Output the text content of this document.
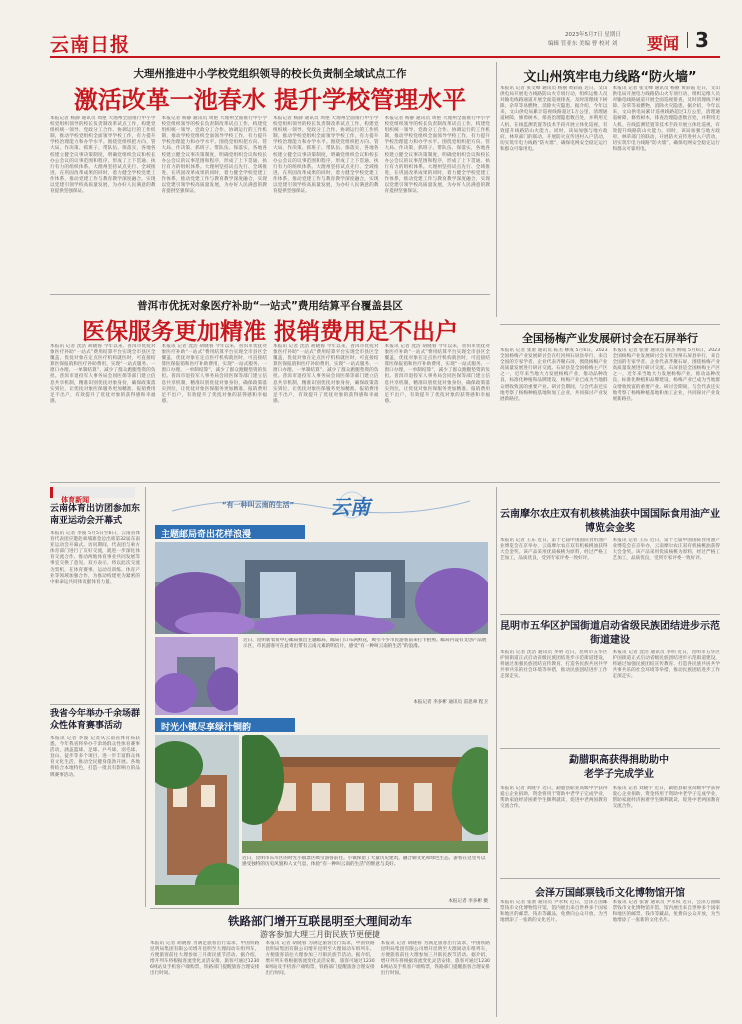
云南日报	2023年5月7日 星期日
编辑 管亚东 美编 曹 校对 刘 要闻 3
大理州推进中小学校党组织领导的校长负责制全域试点工作
激活改革一池春水 提升学校管理水平
本报记者 杨静 通讯员 周艳 大理州全面推行中小学校党组织领导的校长负责制改革试点工作，构建党组织统一领导、党政分工合作、协调运行的工作机制，推动学校党组织全面领导学校工作，有力提升学校治理能力和办学水平。围绕党组织把方向、管大局、作决策、抓班子、带队伍、保落实，各地各校建立健全议事决策制度，明确党组织会议和校长办公会议的议事范围和程序，形成了上下贯通、执行有力的组织体系。大理州坚持试点先行、全域推进，在巩固改革成果的同时，着力健全学校党建工作体系，推动党建工作与教育教学深度融合，实现以党建引领学校高质量发展，为办好人民满意的教育提供坚强保证。
本报记者 杨静 通讯员 周艳 大理州全面推行中小学校党组织领导的校长负责制改革试点工作，构建党组织统一领导、党政分工合作、协调运行的工作机制，推动学校党组织全面领导学校工作，有力提升学校治理能力和办学水平。围绕党组织把方向、管大局、作决策、抓班子、带队伍、保落实，各地各校建立健全议事决策制度，明确党组织会议和校长办公会议的议事范围和程序，形成了上下贯通、执行有力的组织体系。大理州坚持试点先行、全域推进，在巩固改革成果的同时，着力健全学校党建工作体系，推动党建工作与教育教学深度融合，实现以党建引领学校高质量发展，为办好人民满意的教育提供坚强保证。
本报记者 杨静 通讯员 周艳 大理州全面推行中小学校党组织领导的校长负责制改革试点工作，构建党组织统一领导、党政分工合作、协调运行的工作机制，推动学校党组织全面领导学校工作，有力提升学校治理能力和办学水平。围绕党组织把方向、管大局、作决策、抓班子、带队伍、保落实，各地各校建立健全议事决策制度，明确党组织会议和校长办公会议的议事范围和程序，形成了上下贯通、执行有力的组织体系。大理州坚持试点先行、全域推进，在巩固改革成果的同时，着力健全学校党建工作体系，推动党建工作与教育教学深度融合，实现以党建引领学校高质量发展，为办好人民满意的教育提供坚强保证。
本报记者 杨静 通讯员 周艳 大理州全面推行中小学校党组织领导的校长负责制改革试点工作，构建党组织统一领导、党政分工合作、协调运行的工作机制，推动学校党组织全面领导学校工作，有力提升学校治理能力和办学水平。围绕党组织把方向、管大局、作决策、抓班子、带队伍、保落实，各地各校建立健全议事决策制度，明确党组织会议和校长办公会议的议事范围和程序，形成了上下贯通、执行有力的组织体系。大理州坚持试点先行、全域推进，在巩固改革成果的同时，着力健全学校党建工作体系，推动党建工作与教育教学深度融合，实现以党建引领学校高质量发展，为办好人民满意的教育提供坚强保证。
文山州筑牢电力线路“防火墙”
本报讯 记者 张文峰 通讯员 杨丽 黄彩霞 近日，文山供电局开展电力线路防山火专项行动，组织运维人员对输电线路通道开展全面巡视排查，及时清理线下树障、杂草等易燃物，消除火灾隐患。据介绍，今年以来，文山供电局累计巡视线路超过1万公里，清理通道树障，修剪树木，排查治理隐患数百处，并利用无人机、在线监测装置等技术手段开展立体化巡视，有效提升线路防山火能力。同时，该局加强与地方政府、林草部门的联动，开展防火宣传进村入户活动，切实筑牢电力线路“防火墙”，确保电网安全稳定运行和群众可靠用电。
本报讯 记者 张文峰 通讯员 杨丽 黄彩霞 近日，文山供电局开展电力线路防山火专项行动，组织运维人员对输电线路通道开展全面巡视排查，及时清理线下树障、杂草等易燃物，消除火灾隐患。据介绍，今年以来，文山供电局累计巡视线路超过1万公里，清理通道树障，修剪树木，排查治理隐患数百处，并利用无人机、在线监测装置等技术手段开展立体化巡视，有效提升线路防山火能力。同时，该局加强与地方政府、林草部门的联动，开展防火宣传进村入户活动，切实筑牢电力线路“防火墙”，确保电网安全稳定运行和群众可靠用电。
普洱市优抚对象医疗补助“一站式”费用结算平台覆盖县区
医保服务更加精准 报销费用足不出户
本报讯 记者 沈浩 胡晓蓉 今年以来，普洱市优抚对象医疗补助“一站式”费用结算平台实现全市县区全覆盖，优抚对象在定点医疗机构就医时，可直接结算医保报销和医疗补助费用，实现“一站式服务、一窗口办理、一单制结算”，减少了群众跑腿垫资的负担。普洱市退役军人事务局会同医保等部门建立信息共享机制，精准识别优抚对象身份，确保政策落实到位，让优抚对象医保服务更加精准、报销费用足不出户，有效提升了优抚对象的获得感和幸福感。
本报讯 记者 沈浩 胡晓蓉 今年以来，普洱市优抚对象医疗补助“一站式”费用结算平台实现全市县区全覆盖，优抚对象在定点医疗机构就医时，可直接结算医保报销和医疗补助费用，实现“一站式服务、一窗口办理、一单制结算”，减少了群众跑腿垫资的负担。普洱市退役军人事务局会同医保等部门建立信息共享机制，精准识别优抚对象身份，确保政策落实到位，让优抚对象医保服务更加精准、报销费用足不出户，有效提升了优抚对象的获得感和幸福感。
本报讯 记者 沈浩 胡晓蓉 今年以来，普洱市优抚对象医疗补助“一站式”费用结算平台实现全市县区全覆盖，优抚对象在定点医疗机构就医时，可直接结算医保报销和医疗补助费用，实现“一站式服务、一窗口办理、一单制结算”，减少了群众跑腿垫资的负担。普洱市退役军人事务局会同医保等部门建立信息共享机制，精准识别优抚对象身份，确保政策落实到位，让优抚对象医保服务更加精准、报销费用足不出户，有效提升了优抚对象的获得感和幸福感。
本报讯 记者 沈浩 胡晓蓉 今年以来，普洱市优抚对象医疗补助“一站式”费用结算平台实现全市县区全覆盖，优抚对象在定点医疗机构就医时，可直接结算医保报销和医疗补助费用，实现“一站式服务、一窗口办理、一单制结算”，减少了群众跑腿垫资的负担。普洱市退役军人事务局会同医保等部门建立信息共享机制，精准识别优抚对象身份，确保政策落实到位，让优抚对象医保服务更加精准、报销费用足不出户，有效提升了优抚对象的获得感和幸福感。
全国杨梅产业发展研讨会在石屏举行
本报讯 记者 张蕾 通讯员 陈杰 柳成 5月6日，2023全国杨梅产业发展研讨会在红河州石屏县举行，来自全国的专家学者、企业代表齐聚石屏，围绕杨梅产业高质量发展进行研讨交流。石屏县是全国杨梅主产区之一，近年来当地大力发展杨梅产业，推动品种改良、标准化种植和品牌建设，杨梅产业已成为当地群众增收致富的重要产业。研讨会期间，与会代表还实地考察了杨梅种植基地和加工企业，共同探讨产业发展新路径。
本报讯 记者 张蕾 通讯员 陈杰 柳成 5月6日，2023全国杨梅产业发展研讨会在红河州石屏县举行，来自全国的专家学者、企业代表齐聚石屏，围绕杨梅产业高质量发展进行研讨交流。石屏县是全国杨梅主产区之一，近年来当地大力发展杨梅产业，推动品种改良、标准化种植和品牌建设，杨梅产业已成为当地群众增收致富的重要产业。研讨会期间，与会代表还实地考察了杨梅种植基地和加工企业，共同探讨产业发展新路径。
体育新闻
云南体育出访团参加东南亚运动会开幕式
本报讯 记者 李波 5月5日至6日，云南省体育代表团应邀赴柬埔寨金边出席第32届东南亚运动会开幕式。访问期间，代表团与柬方体育部门进行了友好交流，就进一步深化体育交流合作、推动两地体育事业共同发展等事宜交换了意见。双方表示，将以此次交流为契机，在体育赛事、运动员训练、体育产业等领域加强合作，为推动构建更为紧密的中柬命运共同体贡献体育力量。
我省今年举办千余场群众性体育赛事活动
本报讯 记者 李波 记者从云南省体育局获悉，今年我省将举办千余场群众性体育赛事活动，涵盖篮球、足球、乒乓球、羽毛球、登山、徒步等多个项目，进一步丰富群众体育文化生活，推动全民健身蓬勃开展。各地将结合本地特色，打造一批具有影响力的品牌赛事活动。
“有一种叫云南的生活” 云南
主题邮局奇出花样浪漫
近日，昆明新农贸中心邮局推出主题邮局，邮局门口布满鲜花，吸引不少市民游客前来打卡拍照。邮局内设有文创产品展示区，市民游客可在此寄出带有云南元素的明信片，感受“有一种叫云南的生活”的浪漫。
本报记者 李多彬 通讯员 雷思翠 程卫
时光小镇尽享绿汁铜韵
近日，昆明市东川区的时光小镇景区吸引游客前往。小镇保留了大量历史建筑，融合铜文化和绿色生态，游客在这里可以感受独特的历史风貌和人文气息，体验“有一种叫云南的生活”的惬意与美好。
本报记者 李多彬 摄
铁路部门增开互联昆明至大理间动车
游客参加大理三月街民族节更便捷
本报讯 记者 胡晓蓉 为满足旅客出行需求，中国铁路昆明局集团有限公司增开昆明至大理间动车组列车，方便旅客前往大理参加三月街民族节活动。据介绍，增开列车将根据客流变化灵活安排，旅客可通过12306网站及手机客户端购票，铁路部门提醒旅客合理安排出行时间。
本报讯 记者 胡晓蓉 为满足旅客出行需求，中国铁路昆明局集团有限公司增开昆明至大理间动车组列车，方便旅客前往大理参加三月街民族节活动。据介绍，增开列车将根据客流变化灵活安排，旅客可通过12306网站及手机客户端购票，铁路部门提醒旅客合理安排出行时间。
本报讯 记者 胡晓蓉 为满足旅客出行需求，中国铁路昆明局集团有限公司增开昆明至大理间动车组列车，方便旅客前往大理参加三月街民族节活动。据介绍，增开列车将根据客流变化灵活安排，旅客可通过12306网站及手机客户端购票，铁路部门提醒旅客合理安排出行时间。
云南摩尔农庄双有机核桃油获中国国际食用油产业博览会金奖
本报讯 记者 王东 近日，第十七届中国国际食用油产业博览会在京举办，云南摩尔农庄双有机核桃油获得大会金奖。该产品采用优质核桃为原料，经过严格工艺加工，品质优良，受到专家评委一致好评。
本报讯 记者 王东 近日，第十七届中国国际食用油产业博览会在京举办，云南摩尔农庄双有机核桃油获得大会金奖。该产品采用优质核桃为原料，经过严格工艺加工，品质优良，受到专家评委一致好评。
昆明市五华区护国街道启动省级民族团结进步示范街道建设
本报讯 记者 沈浩 通讯员 李明 近日，昆明市五华区护国街道正式启动省级民族团结进步示范街道建设，将通过加强民族团结宣传教育、打造各民族共居共学共事共乐的社会环境等举措，推动民族团结进步工作走深走实。
本报讯 记者 沈浩 通讯员 李明 近日，昆明市五华区护国街道正式启动省级民族团结进步示范街道建设，将通过加强民族团结宣传教育、打造各民族共居共学共事共乐的社会环境等举措，推动民族团结进步工作走深走实。
勐腊职高获得捐助助中老学子完成学业
本报讯 记者 刘晓宇 近日，勐腊县职业高级中学获得爱心企业捐助，资金将用于资助中老学子完成学业，帮助家庭经济困难学生顺利就读，促进中老两国教育交流合作。
本报讯 记者 刘晓宇 近日，勐腊县职业高级中学获得爱心企业捐助，资金将用于资助中老学子完成学业，帮助家庭经济困难学生顺利就读，促进中老两国教育交流合作。
会泽万国邮票钱币文化博物馆开馆
本报讯 记者 张蕾 通讯员 尹永权 近日，会泽万国邮票钱币文化博物馆开馆，馆内展出来自世界多个国家和地区的邮票、钱币等藏品，免费向公众开放，为当地增添了一张新的文化名片。
本报讯 记者 张蕾 通讯员 尹永权 近日，会泽万国邮票钱币文化博物馆开馆，馆内展出来自世界多个国家和地区的邮票、钱币等藏品，免费向公众开放，为当地增添了一张新的文化名片。
